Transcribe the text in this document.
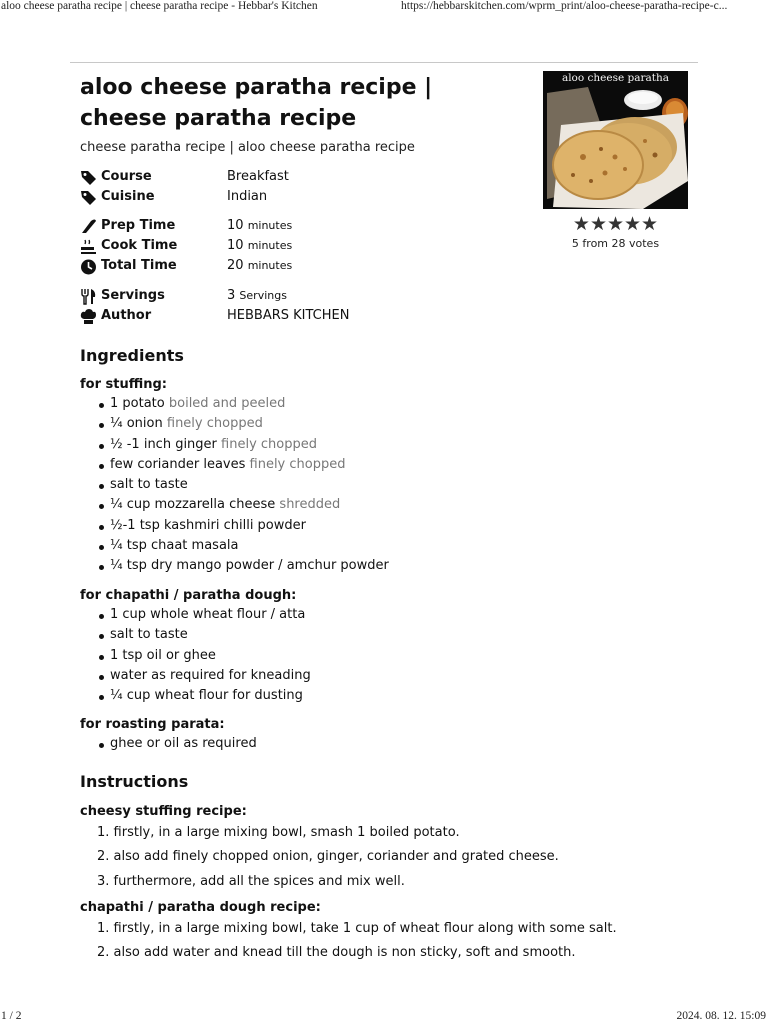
aloo cheese paratha recipe | cheese paratha recipe - Hebbar's Kitchen	https://hebbarskitchen.com/wprm_print/aloo-cheese-paratha-recipe-c...
aloo cheese paratha
★★★★★
5 from 28 votes
aloo cheese paratha recipe | cheese paratha recipe
cheese paratha recipe | aloo cheese paratha recipe
Course	Breakfast
Cuisine	Indian
Prep Time	10 minutes
Cook Time	10 minutes
Total Time	20 minutes
Servings	3 Servings
Author	HEBBARS KITCHEN
Ingredients
for stuffing:
1 potato boiled and peeled
¼ onion finely chopped
½ -1 inch ginger finely chopped
few coriander leaves finely chopped
salt to taste
¼ cup mozzarella cheese shredded
½-1 tsp kashmiri chilli powder
¼ tsp chaat masala
¼ tsp dry mango powder / amchur powder
for chapathi / paratha dough:
1 cup whole wheat flour / atta
salt to taste
1 tsp oil or ghee
water as required for kneading
¼ cup wheat flour for dusting
for roasting parata:
ghee or oil as required
Instructions
cheesy stuffing recipe:
1. firstly, in a large mixing bowl, smash 1 boiled potato.
2. also add finely chopped onion, ginger, coriander and grated cheese.
3. furthermore, add all the spices and mix well.
chapathi / paratha dough recipe:
1. firstly, in a large mixing bowl, take 1 cup of wheat flour along with some salt.
2. also add water and knead till the dough is non sticky, soft and smooth.
1 / 2	2024. 08. 12. 15:09
